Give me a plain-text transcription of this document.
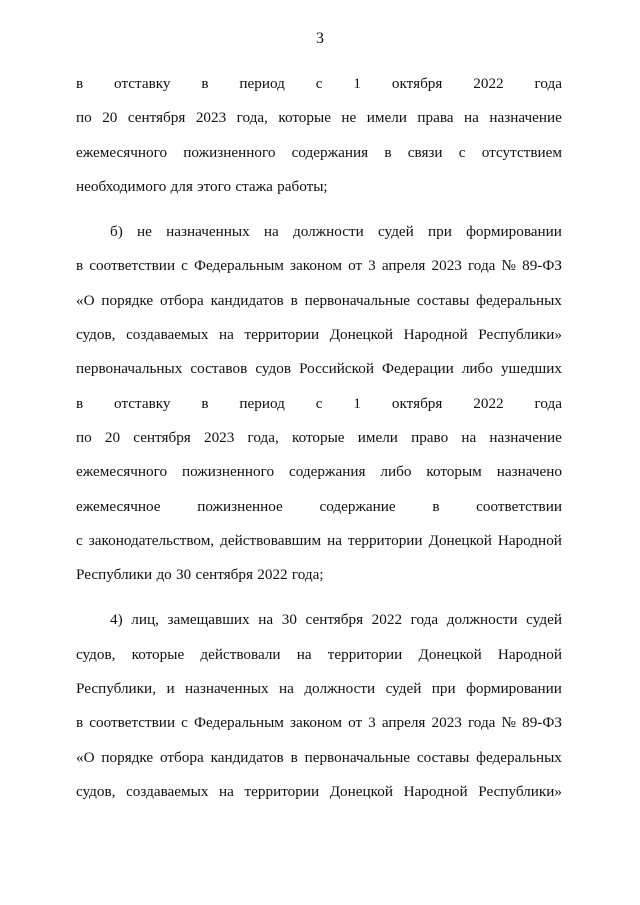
3
в отставку в период с 1 октября 2022 года
по 20 сентября 2023 года, которые не имели права на назначение
ежемесячного пожизненного содержания в связи с отсутствием
необходимого для этого стажа работы;
б) не назначенных на должности судей при формировании
в соответствии с Федеральным законом от 3 апреля 2023 года № 89-ФЗ
«О порядке отбора кандидатов в первоначальные составы федеральных
судов, создаваемых на территории Донецкой Народной Республики»
первоначальных составов судов Российской Федерации либо ушедших
в отставку в период с 1 октября 2022 года
по 20 сентября 2023 года, которые имели право на назначение
ежемесячного пожизненного содержания либо которым назначено
ежемесячное пожизненное содержание в соответствии
с законодательством, действовавшим на территории Донецкой Народной
Республики до 30 сентября 2022 года;
4) лиц, замещавших на 30 сентября 2022 года должности судей
судов, которые действовали на территории Донецкой Народной
Республики, и назначенных на должности судей при формировании
в соответствии с Федеральным законом от 3 апреля 2023 года № 89-ФЗ
«О порядке отбора кандидатов в первоначальные составы федеральных
судов, создаваемых на территории Донецкой Народной Республики»
